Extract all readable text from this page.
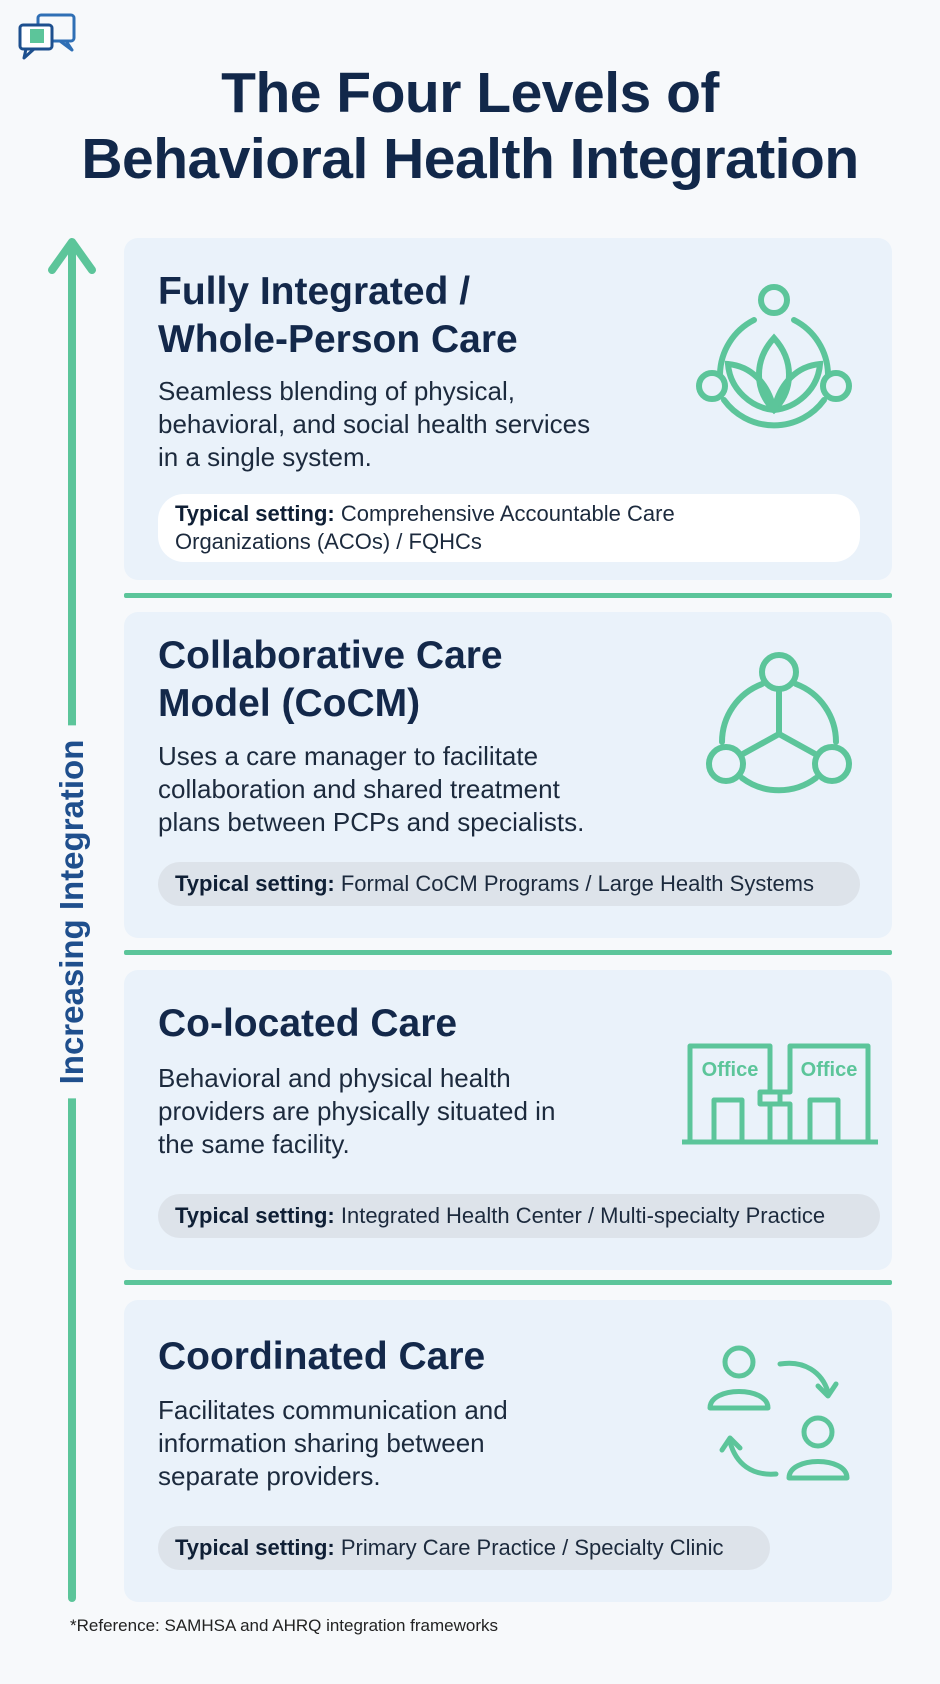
The Four Levels of
Behavioral Health Integration
Increasing Integration
Fully Integrated /
Whole-Person Care

Seamless blending of physical,
behavioral, and social health services
in a single system.

Typical setting: Comprehensive Accountable Care
Organizations (ACOs) / FQHCs
Collaborative Care
Model (CoCM)

Uses a care manager to facilitate
collaboration and shared treatment
plans between PCPs and specialists.

Typical setting: Formal CoCM Programs / Large Health Systems
Co-located Care

Behavioral and physical health
providers are physically situated in
the same facility.

Typical setting: Integrated Health Center / Multi-specialty Practice
Office Office
Coordinated Care

Facilitates communication and
information sharing between
separate providers.

Typical setting: Primary Care Practice / Specialty Clinic
*Reference: SAMHSA and AHRQ integration frameworks
